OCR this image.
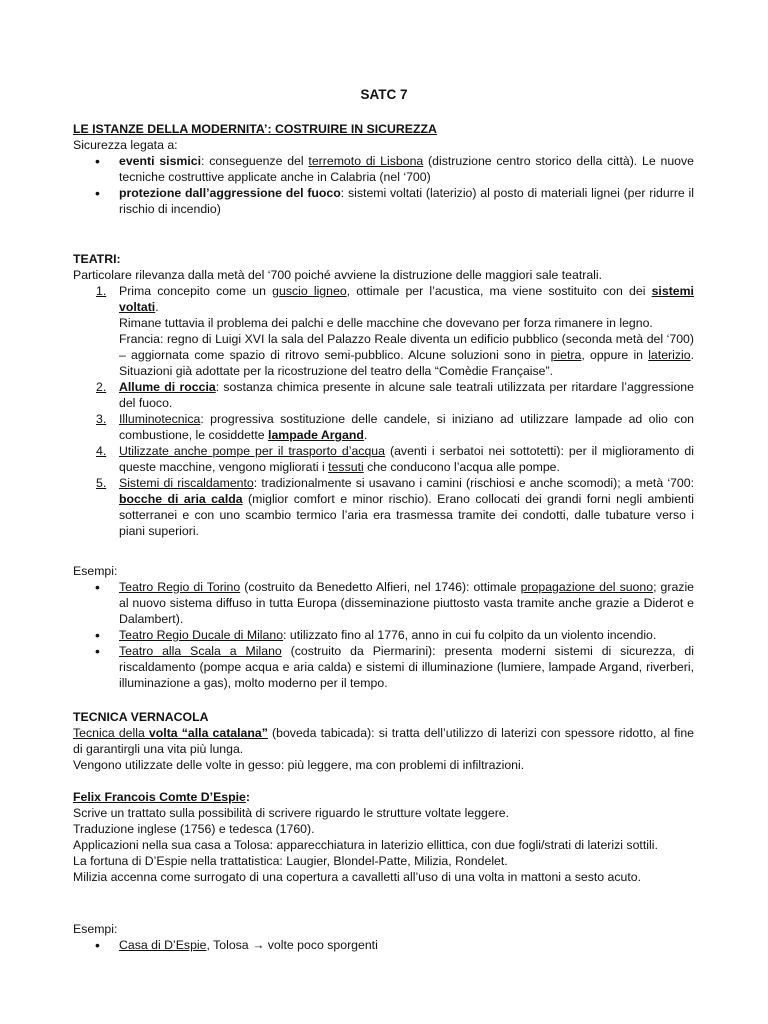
SATC 7

LE ISTANZE DELLA MODERNITA’: COSTRUIRE IN SICUREZZA

Sicurezza legata a:

• eventi sismici: conseguenze del terremoto di Lisbona (distruzione centro storico della città). Le nuove tecniche costruttive applicate anche in Calabria (nel ‘700)
• protezione dall’aggressione del fuoco: sistemi voltati (laterizio) al posto di materiali lignei (per ridurre il rischio di incendio)

TEATRI:

Particolare rilevanza dalla metà del ‘700 poiché avviene la distruzione delle maggiori sale teatrali.

1.	Prima concepito come un guscio ligneo, ottimale per l’acustica, ma viene sostituito con dei sistemi voltati.
Rimane tuttavia il problema dei palchi e delle macchine che dovevano per forza rimanere in legno.
Francia: regno di Luigi XVI la sala del Palazzo Reale diventa un edificio pubblico (seconda metà del ‘700) – aggiornata come spazio di ritrovo semi-pubblico. Alcune soluzioni sono in pietra, oppure in laterizio. Situazioni già adottate per la ricostruzione del teatro della “Comèdie Française”.
2.	Allume di roccia: sostanza chimica presente in alcune sale teatrali utilizzata per ritardare l’aggressione del fuoco.
3.	Illuminotecnica: progressiva sostituzione delle candele, si iniziano ad utilizzare lampade ad olio con combustione, le cosiddette lampade Argand.
4.	Utilizzate anche pompe per il trasporto d’acqua (aventi i serbatoi nei sottotetti): per il miglioramento di queste macchine, vengono migliorati i tessuti che conducono l’acqua alle pompe.
5.	Sistemi di riscaldamento: tradizionalmente si usavano i camini (rischiosi e anche scomodi); a metà ‘700: bocche di aria calda (miglior comfort e minor rischio). Erano collocati dei grandi forni negli ambienti sotterranei e con uno scambio termico l’aria era trasmessa tramite dei condotti, dalle tubature verso i piani superiori.

Esempi:

• Teatro Regio di Torino (costruito da Benedetto Alfieri, nel 1746): ottimale propagazione del suono; grazie al nuovo sistema diffuso in tutta Europa (disseminazione piuttosto vasta tramite anche grazie a Diderot e Dalambert).
• Teatro Regio Ducale di Milano: utilizzato fino al 1776, anno in cui fu colpito da un violento incendio.
• Teatro alla Scala a Milano (costruito da Piermarini): presenta moderni sistemi di sicurezza, di riscaldamento (pompe acqua e aria calda) e sistemi di illuminazione (lumiere, lampade Argand, riverberi, illuminazione a gas), molto moderno per il tempo.

TECNICA VERNACOLA

Tecnica della volta “alla catalana” (boveda tabicada): si tratta dell’utilizzo di laterizi con spessore ridotto, al fine di garantirgli una vita più lunga.

Vengono utilizzate delle volte in gesso: più leggere, ma con problemi di infiltrazioni.

Felix Francois Comte D’Espie:

Scrive un trattato sulla possibilità di scrivere riguardo le strutture voltate leggere.

Traduzione inglese (1756) e tedesca (1760).

Applicazioni nella sua casa a Tolosa: apparecchiatura in laterizio ellittica, con due fogli/strati di laterizi sottili.

La fortuna di D’Espie nella trattatistica: Laugier, Blondel-Patte, Milizia, Rondelet.

Milizia accenna come surrogato di una copertura a cavalletti all’uso di una volta in mattoni a sesto acuto.

Esempi:

• Casa di D’Espie, Tolosa → volte poco sporgenti
